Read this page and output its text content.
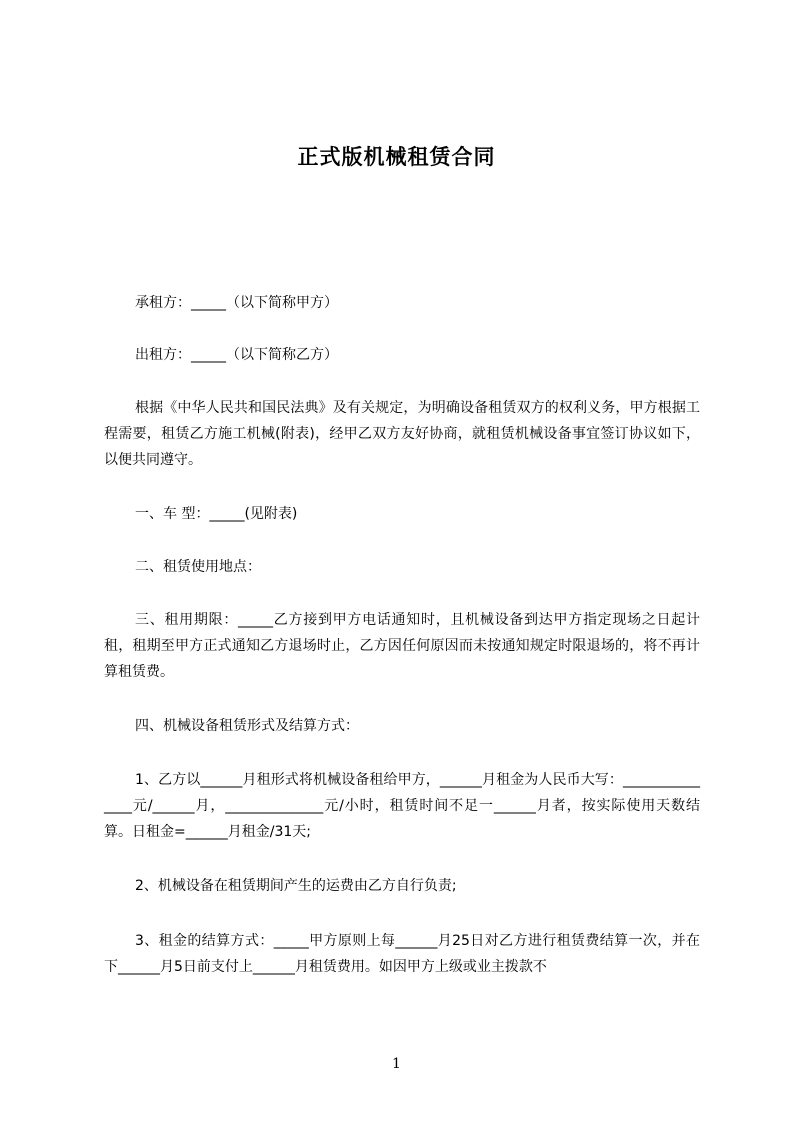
正式版机械租赁合同
承租方：_____（以下简称甲方）
出租方：_____（以下简称乙方）
根据《中华人民共和国民法典》及有关规定，为明确设备租赁双方的权利义务，甲方根据工程需要，租赁乙方施工机械(附表)，经甲乙双方友好协商，就租赁机械设备事宜签订协议如下，以便共同遵守。
一、车 型：_____(见附表)
二、租赁使用地点：
三、租用期限：_____乙方接到甲方电话通知时，且机械设备到达甲方指定现场之日起计租，租期至甲方正式通知乙方退场时止，乙方因任何原因而未按通知规定时限退场的，将不再计算租赁费。
四、机械设备租赁形式及结算方式：
1、乙方以______月租形式将机械设备租给甲方，______月租金为人民币大写：_______________元/______月，______________元/小时，租赁时间不足一______月者，按实际使用天数结算。日租金=______月租金/31天;
2、机械设备在租赁期间产生的运费由乙方自行负责;
3、租金的结算方式：_____甲方原则上每______月25日对乙方进行租赁费结算一次，并在下______月5日前支付上______月租赁费用。如因甲方上级或业主拨款不
1
